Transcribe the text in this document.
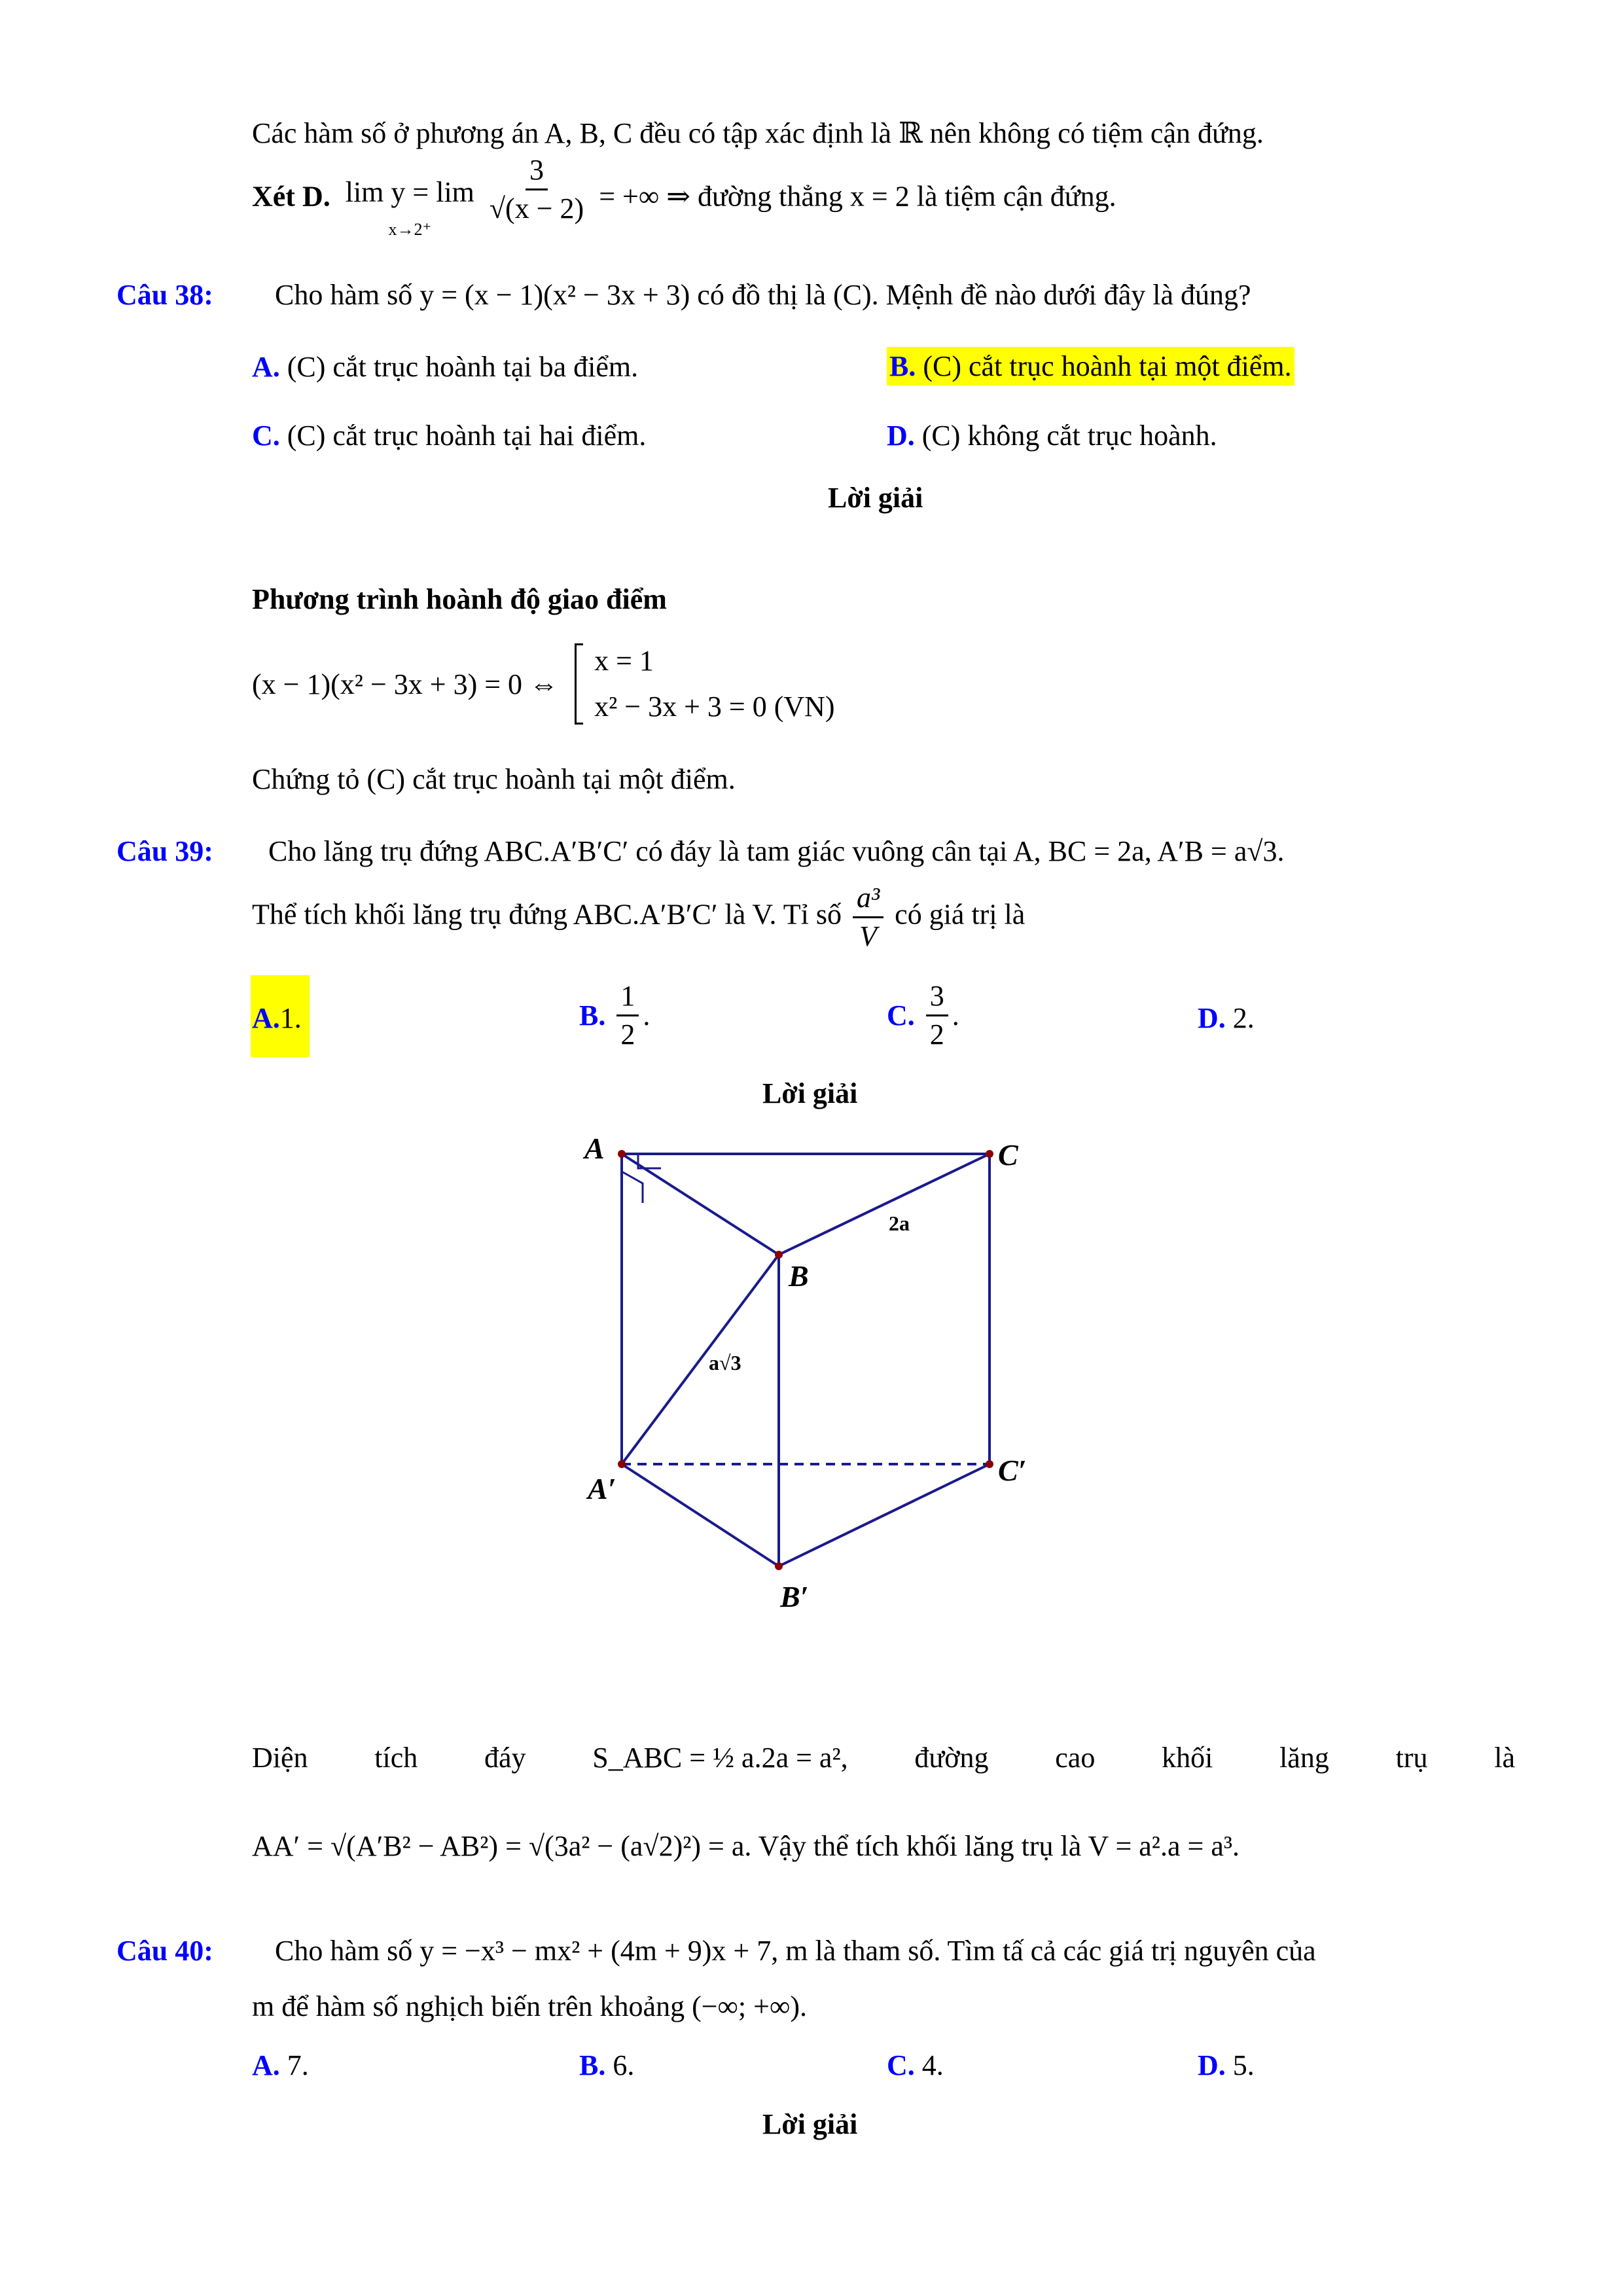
Các hàm số ở phương án A, B, C đều có tập xác định là ℝ nên không có tiệm cận đứng.
Xét D. lim y = lim
x→2⁺
$\frac{3}{√(x - 2)}$ = +∞ ⇒ đường thẳng x = 2 là tiệm cận đứng.
Câu 38: Cho hàm số y = (x − 1)(x² − 3x + 3) có đồ thị là (C). Mệnh đề nào dưới đây là đúng?
A. (C) cắt trục hoành tại ba điểm.	B. (C) cắt trục hoành tại một điểm.
C. (C) cắt trục hoành tại hai điểm.	D. (C) không cắt trục hoành.
Lời giải
Phương trình hoành độ giao điểm
(x − 1)(x² − 3x + 3) = 0 ⇔  x = 1
x² − 3x + 3 = 0 (VN)
Chứng tỏ (C) cắt trục hoành tại một điểm.
Câu 39: Cho lăng trụ đứng ABC.A′B′C′ có đáy là tam giác vuông cân tại A, BC = 2a, A′B = a√3.
Thể tích khối lăng trụ đứng ABC.A′B′C′ là V. Tỉ số $\frac{\text{a³}}{V}$ có giá trị là
A.1.	B. $\frac{1}{2}$ .	C. $\frac{3}{2}$ .	D. 2.
Lời giải
A
B
C
A′
B′
C′
2a
a√3
Diện tích đáy S_ABC = ½ a.2a = a², đường cao khối lăng trụ là
AA′ = √(A′B² − AB²) = √(3a² − (a√2)²) = a. Vậy thể tích khối lăng trụ là V = a².a = a³.
Câu 40: Cho hàm số y = −x³ − mx² + (4m + 9)x + 7, m là tham số. Tìm tấ cả các giá trị nguyên của
m để hàm số nghịch biến trên khoảng (−∞; +∞).
A. 7.	B. 6.	C. 4.	D. 5.
Lời giải
